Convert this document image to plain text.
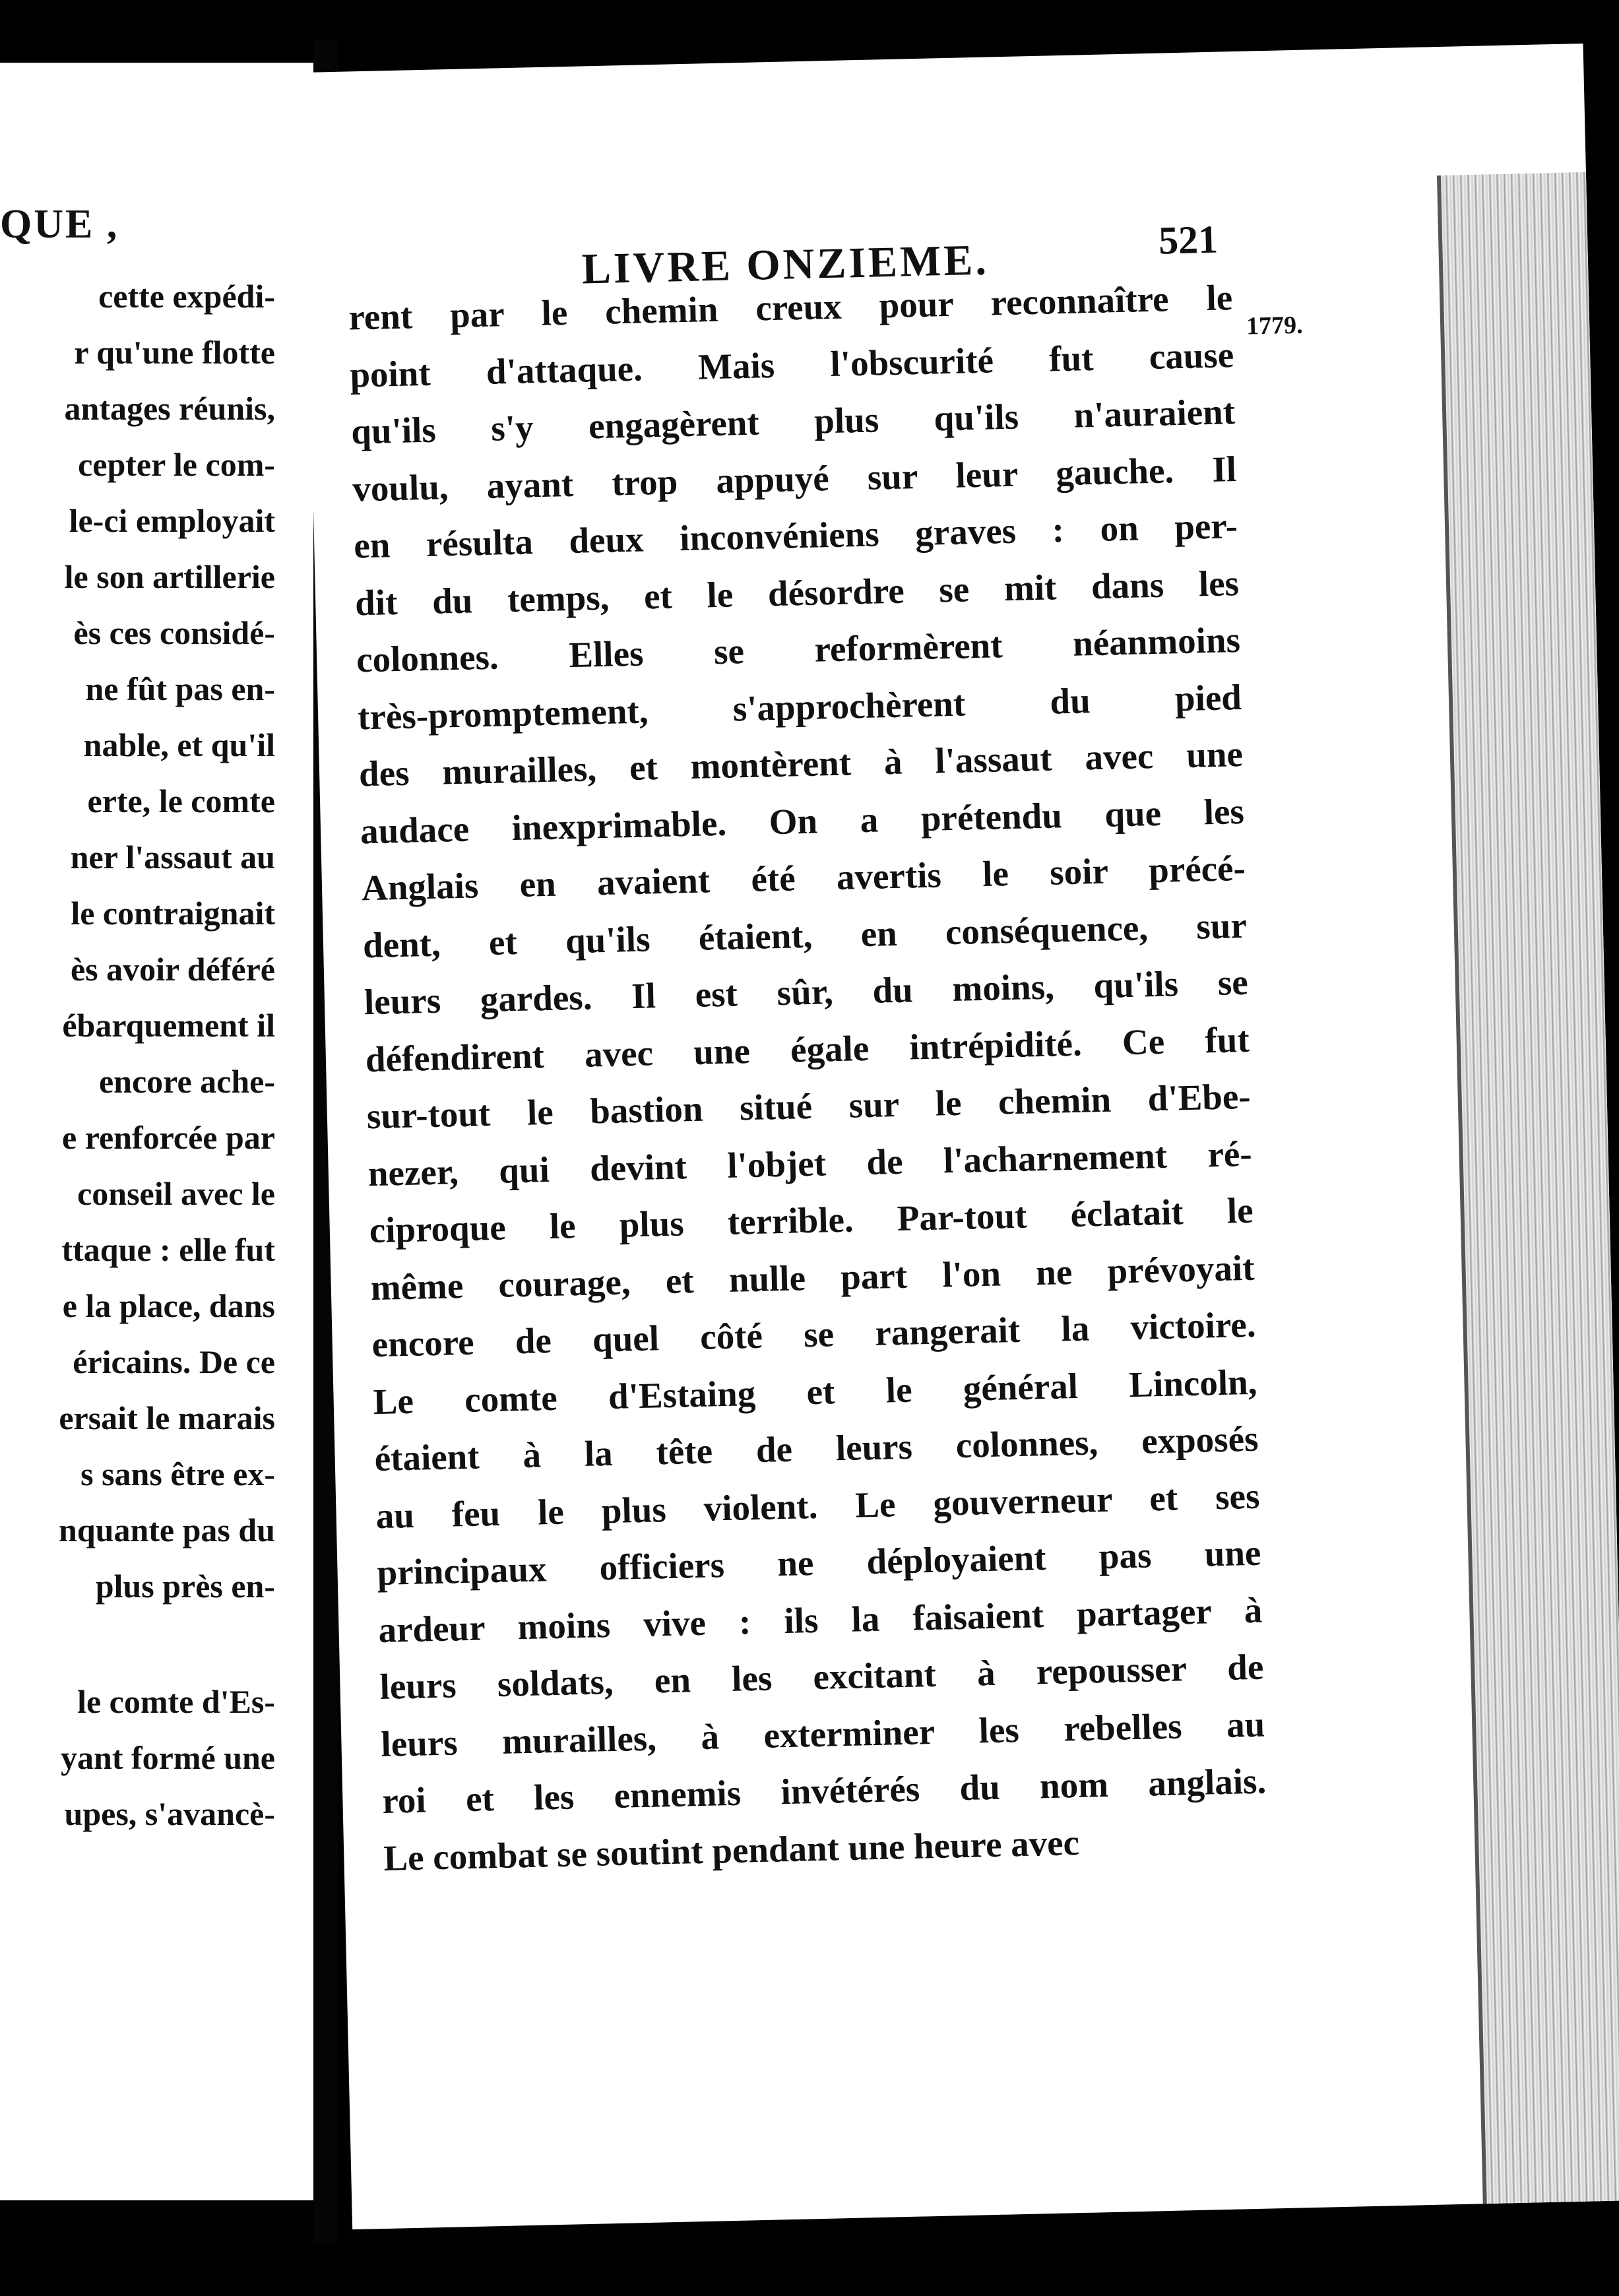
QUE ,
cette expédi-
r qu'une flotte
antages réunis,
cepter le com-
le-ci employait
le son artillerie
ès ces considé-
ne fût pas en-
nable, et qu'il
erte, le comte
ner l'assaut au
le contraignait
ès avoir déféré
ébarquement il
encore ache-
e renforcée par
conseil avec le
ttaque : elle fut
e la place, dans
éricains. De ce
ersait le marais
s sans être ex-
nquante pas du
plus près en-
le comte d'Es-
yant formé une
upes, s'avancè-
LIVRE ONZIEME.	521
1779.
rent par le chemin creux pour reconnaître le
point d'attaque. Mais l'obscurité fut cause
qu'ils s'y engagèrent plus qu'ils n'auraient
voulu, ayant trop appuyé sur leur gauche. Il
en résulta deux inconvéniens graves : on per-
dit du temps, et le désordre se mit dans les
colonnes. Elles se reformèrent néanmoins
très-promptement, s'approchèrent du pied
des murailles, et montèrent à l'assaut avec une
audace inexprimable. On a prétendu que les
Anglais en avaient été avertis le soir précé-
dent, et qu'ils étaient, en conséquence, sur
leurs gardes. Il est sûr, du moins, qu'ils se
défendirent avec une égale intrépidité. Ce fut
sur-tout le bastion situé sur le chemin d'Ebe-
nezer, qui devint l'objet de l'acharnement ré-
ciproque le plus terrible. Par-tout éclatait le
même courage, et nulle part l'on ne prévoyait
encore de quel côté se rangerait la victoire.
Le comte d'Estaing et le général Lincoln,
étaient à la tête de leurs colonnes, exposés
au feu le plus violent. Le gouverneur et ses
principaux officiers ne déployaient pas une
ardeur moins vive : ils la faisaient partager à
leurs soldats, en les excitant à repousser de
leurs murailles, à exterminer les rebelles au
roi et les ennemis invétérés du nom anglais.
Le combat se soutint pendant une heure avec
